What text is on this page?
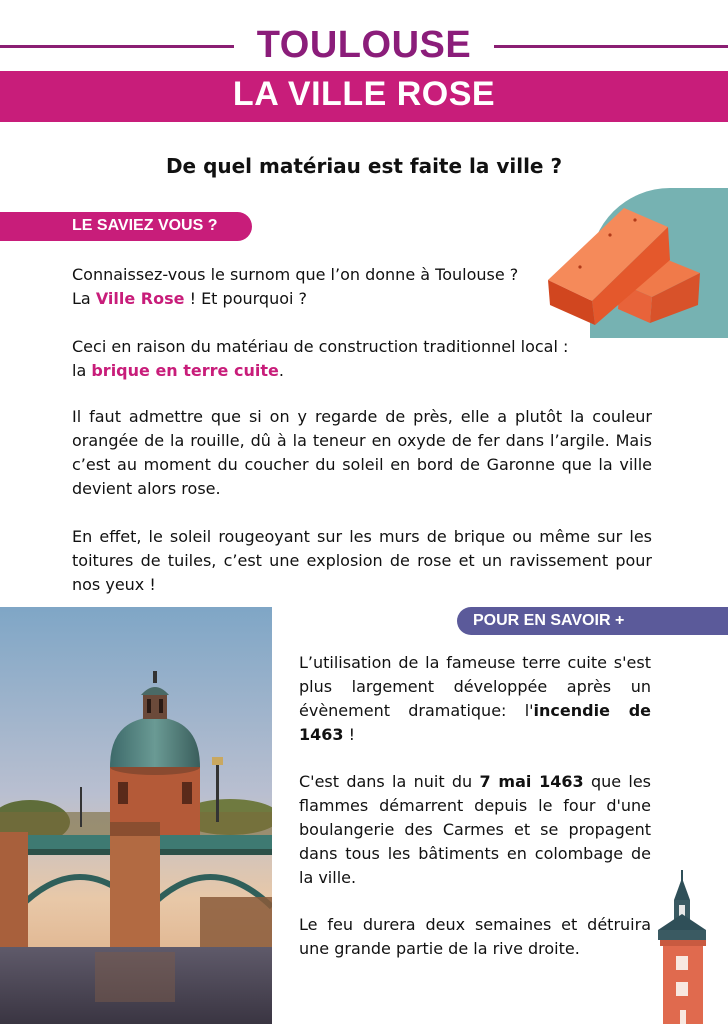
TOULOUSE
LA VILLE ROSE
De quel matériau est faite la ville ?
LE SAVIEZ VOUS ?
Connaissez-vous le surnom que l’on donne à Toulouse ?
La Ville Rose ! Et pourquoi ?
Ceci en raison du matériau de construction traditionnel local :
la brique en terre cuite.
Il faut admettre que si on y regarde de près, elle a plutôt la couleur orangée de la rouille, dû à la teneur en oxyde de fer dans l’argile. Mais c’est au moment du coucher du soleil en bord de Garonne que la ville devient alors rose.
En effet, le soleil rougeoyant sur les murs de brique ou même sur les toitures de tuiles, c’est une explosion de rose et un ravissement pour nos yeux !
POUR EN SAVOIR +
L’utilisation de la fameuse terre cuite s'est plus largement développée après un évènement dramatique: l'incendie de 1463 !
C'est dans la nuit du 7 mai 1463 que les flammes démarrent depuis le four d'une boulangerie des Carmes et se propagent dans tous les bâtiments en colombage de la ville.
Le feu durera deux semaines et détruira une grande partie de la rive droite.
